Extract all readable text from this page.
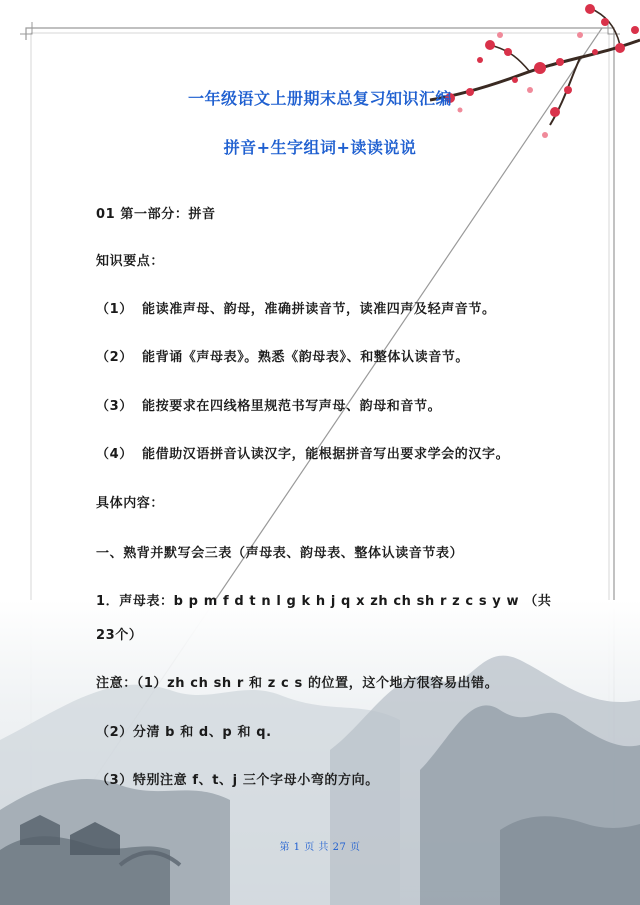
一年级语文上册期末总复习知识汇编
拼音+生字组词+读读说说
01 第一部分：拼音
知识要点：
（1） 能读准声母、韵母，准确拼读音节，读准四声及轻声音节。
（2） 能背诵《声母表》。熟悉《韵母表》、和整体认读音节。
（3） 能按要求在四线格里规范书写声母、韵母和音节。
（4） 能借助汉语拼音认读汉字，能根据拼音写出要求学会的汉字。
具体内容：
一、熟背并默写会三表（声母表、韵母表、整体认读音节表）
1．声母表：b p m f d t n l g k h j q x zh ch sh r z c s y w （共
23个）
注意：（1）zh ch sh r 和 z c s 的位置，这个地方很容易出错。
（2）分清 b 和 d、p 和 q.
（3）特别注意 f、t、j 三个字母小弯的方向。
第 1 页 共 27 页
